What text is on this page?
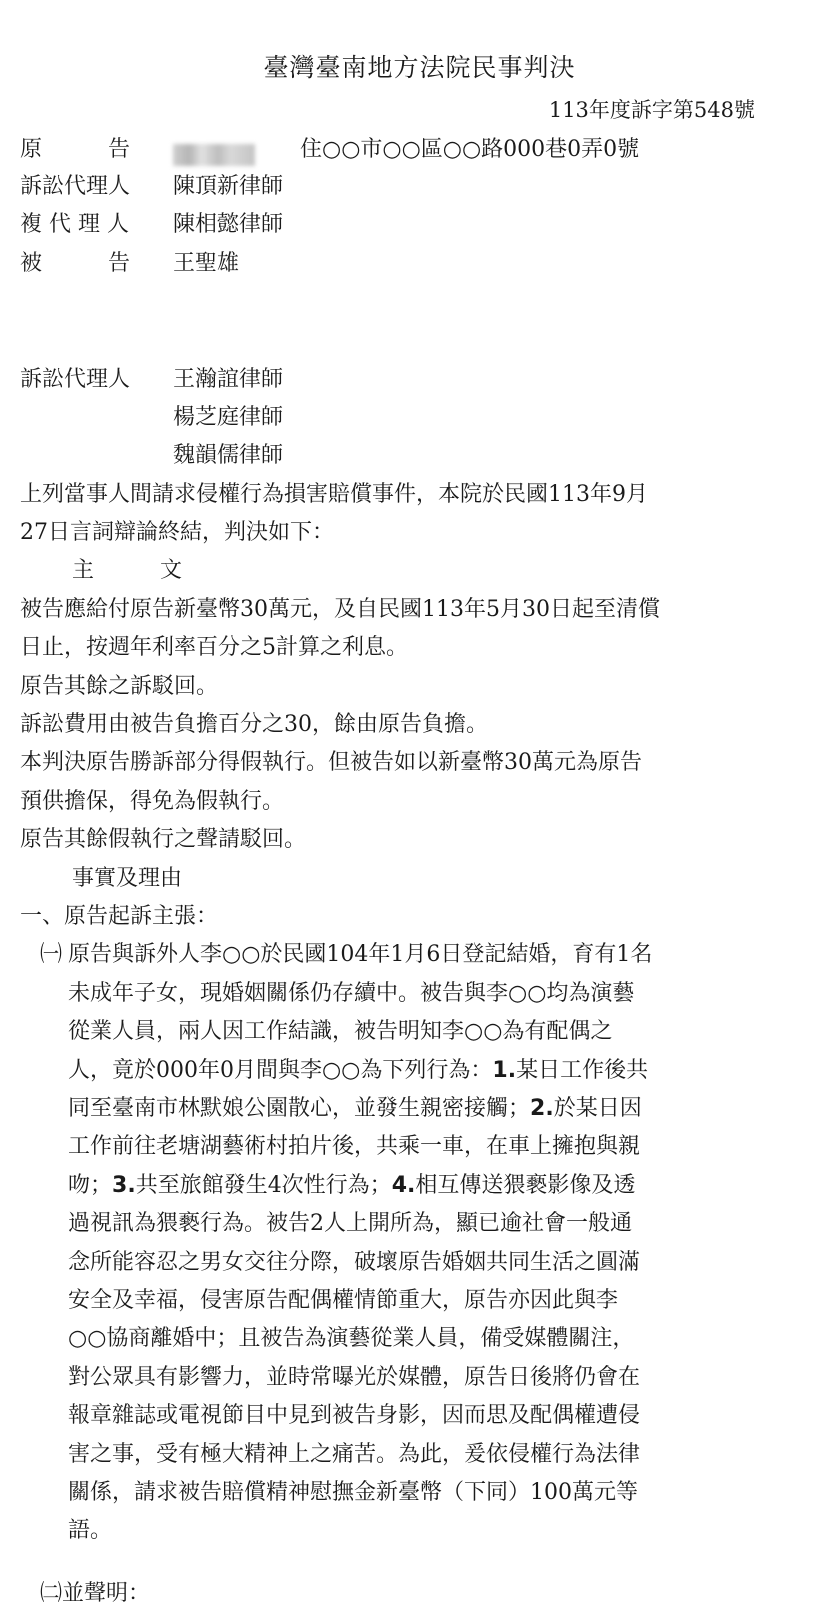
臺灣臺南地方法院民事判決
113年度訴字第548號
原　　　告	住○○市○○區○○路000巷0弄0號
訴訟代理人 陳頂新律師
複 代 理 人 陳相懿律師
被　　　告 王聖雄
訴訟代理人 王瀚誼律師
楊芝庭律師
魏韻儒律師
上列當事人間請求侵權行為損害賠償事件，本院於民國113年9月
27日言詞辯論終結，判決如下：
主　　　文
被告應給付原告新臺幣30萬元，及自民國113年5月30日起至清償
日止，按週年利率百分之5計算之利息。
原告其餘之訴駁回。
訴訟費用由被告負擔百分之30，餘由原告負擔。
本判決原告勝訴部分得假執行。但被告如以新臺幣30萬元為原告
預供擔保，得免為假執行。
原告其餘假執行之聲請駁回。
事實及理由
一、原告起訴主張：
㈠ 原告與訴外人李○○於民國104年1月6日登記結婚，育有1名
未成年子女，現婚姻關係仍存續中。被告與李○○均為演藝
從業人員，兩人因工作結識，被告明知李○○為有配偶之
人，竟於000年0月間與李○○為下列行為：1.某日工作後共
同至臺南市林默娘公園散心，並發生親密接觸；2.於某日因
工作前往老塘湖藝術村拍片後，共乘一車，在車上擁抱與親
吻；3.共至旅館發生4次性行為；4.相互傳送猥褻影像及透
過視訊為猥褻行為。被告2人上開所為，顯已逾社會一般通
念所能容忍之男女交往分際，破壞原告婚姻共同生活之圓滿
安全及幸福，侵害原告配偶權情節重大，原告亦因此與李
○○協商離婚中；且被告為演藝從業人員，備受媒體關注，
對公眾具有影響力，並時常曝光於媒體，原告日後將仍會在
報章雜誌或電視節目中見到被告身影，因而思及配偶權遭侵
害之事，受有極大精神上之痛苦。為此，爰依侵權行為法律
關係，請求被告賠償精神慰撫金新臺幣（下同）100萬元等
語。
㈡並聲明：
